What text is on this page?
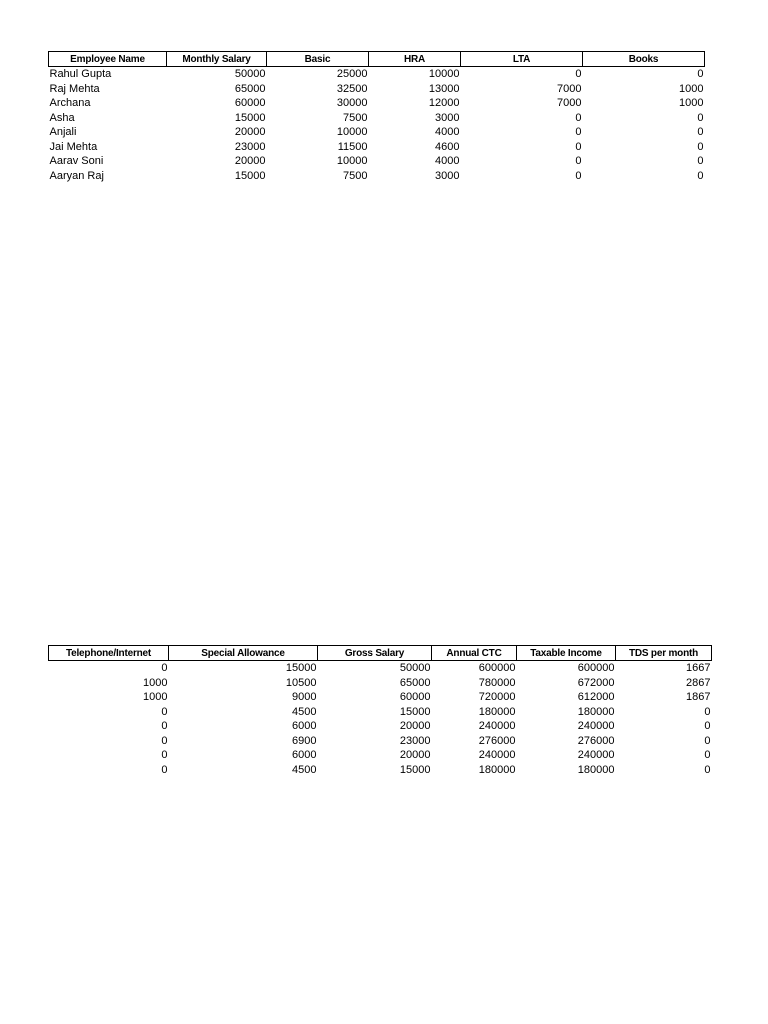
Employee Name	Monthly Salary	Basic	HRA	LTA	Books
Rahul Gupta	50000	25000	10000	0	0
Raj Mehta	65000	32500	13000	7000	1000
Archana	60000	30000	12000	7000	1000
Asha	15000	7500	3000	0	0
Anjali	20000	10000	4000	0	0
Jai Mehta	23000	11500	4600	0	0
Aarav Soni	20000	10000	4000	0	0
Aaryan Raj	15000	7500	3000	0	0
Telephone/Internet	Special Allowance	Gross Salary	Annual CTC	Taxable Income	TDS per month
0	15000	50000	600000	600000	1667
1000	10500	65000	780000	672000	2867
1000	9000	60000	720000	612000	1867
0	4500	15000	180000	180000	0
0	6000	20000	240000	240000	0
0	6900	23000	276000	276000	0
0	6000	20000	240000	240000	0
0	4500	15000	180000	180000	0
